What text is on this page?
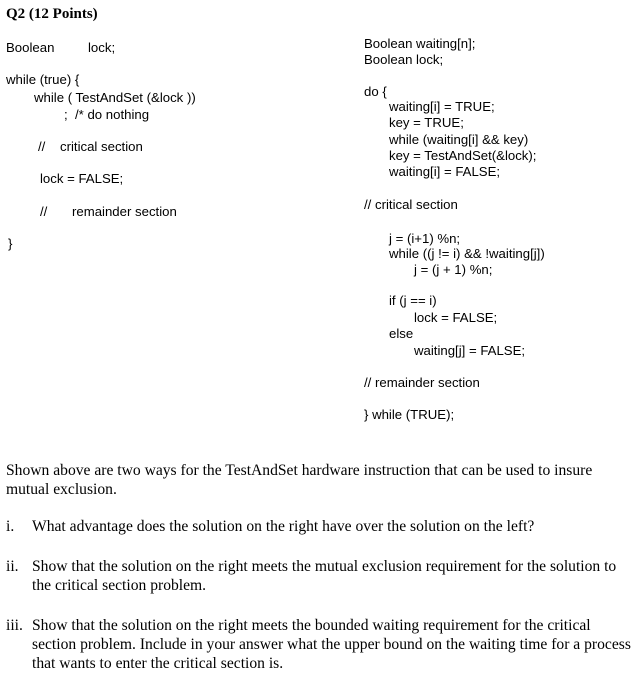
Q2 (12 Points)
Boolean	lock;
while (true) {
while ( TestAndSet (&lock ))
;  /* do nothing
// critical section
lock = FALSE;
// remainder section
}
Boolean waiting[n];
Boolean lock;
do {
waiting[i] = TRUE;
key = TRUE;
while (waiting[i] && key)
key = TestAndSet(&lock);
waiting[i] = FALSE;
// critical section
j = (i+1) %n;
while ((j != i) && !waiting[j])
j = (j + 1) %n;
if (j == i)
lock = FALSE;
else
waiting[j] = FALSE;
// remainder section
} while (TRUE);
Shown above are two ways for the TestAndSet hardware instruction that can be used to insure mutual exclusion.
i. What advantage does the solution on the right have over the solution on the left?
ii. Show that the solution on the right meets the mutual exclusion requirement for the solution to the critical section problem.
iii. Show that the solution on the right meets the bounded waiting requirement for the critical section problem. Include in your answer what the upper bound on the waiting time for a process that wants to enter the critical section is.
